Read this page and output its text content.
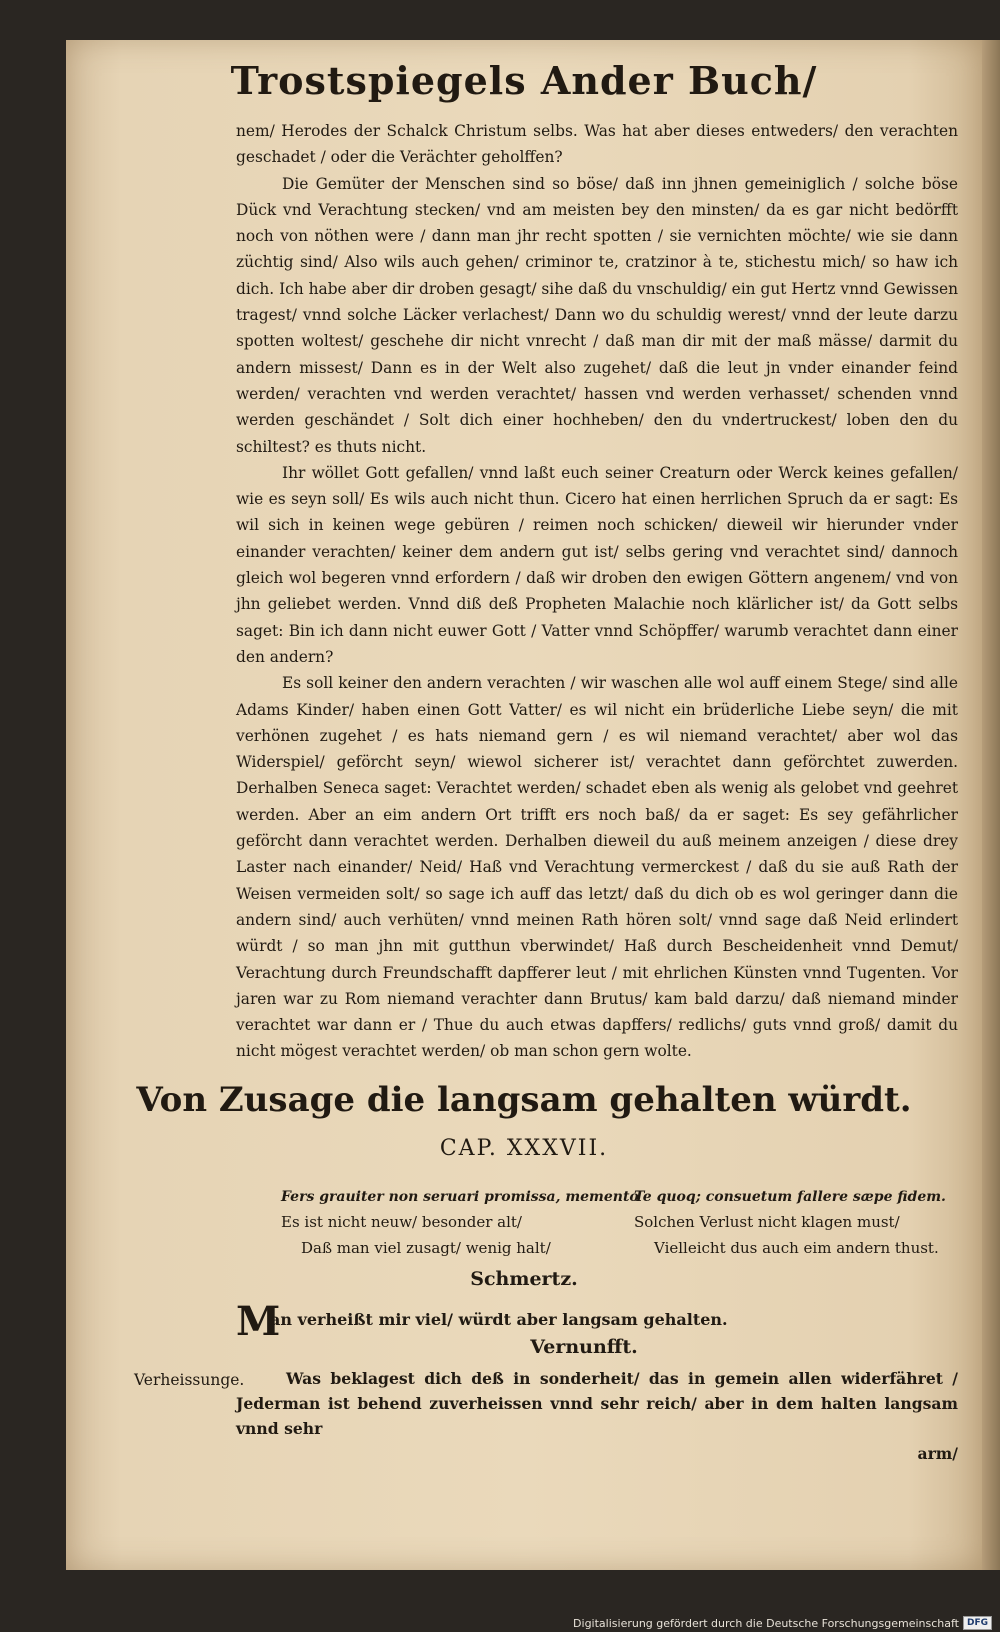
Trostspiegels Ander Buch/

nem/ Herodes der Schalck Christum selbs. Was hat aber dieses entweders/ den verachten geschadet / oder die Verächter geholffen?

Die Gemüter der Menschen sind so böse/ daß inn jhnen gemeiniglich / solche böse Dück vnd Verachtung stecken/ vnd am meisten bey den minsten/ da es gar nicht bedörfft noch von nöthen were / dann man jhr recht spotten / sie vernichten möchte/ wie sie dann züchtig sind/ Also wils auch gehen/ criminor te, cratzinor à te, stichestu mich/ so haw ich dich. Ich habe aber dir droben gesagt/ sihe daß du vnschuldig/ ein gut Hertz vnnd Gewissen tragest/ vnnd solche Läcker verlachest/ Dann wo du schuldig werest/ vnnd der leute darzu spotten woltest/ geschehe dir nicht vnrecht / daß man dir mit der maß mässe/ darmit du andern missest/ Dann es in der Welt also zugehet/ daß die leut jn vnder einander feind werden/ verachten vnd werden verachtet/ hassen vnd werden verhasset/ schenden vnnd werden geschändet / Solt dich einer hochheben/ den du vndertruckest/ loben den du schiltest? es thuts nicht.

Ihr wöllet Gott gefallen/ vnnd laßt euch seiner Creaturn oder Werck keines gefallen/ wie es seyn soll/ Es wils auch nicht thun. Cicero hat einen herrlichen Spruch da er sagt: Es wil sich in keinen wege gebüren / reimen noch schicken/ dieweil wir hierunder vnder einander verachten/ keiner dem andern gut ist/ selbs gering vnd verachtet sind/ dannoch gleich wol begeren vnnd erfordern / daß wir droben den ewigen Göttern angenem/ vnd von jhn geliebet werden. Vnnd diß deß Propheten Malachie noch klärlicher ist/ da Gott selbs saget: Bin ich dann nicht euwer Gott / Vatter vnnd Schöpffer/ warumb verachtet dann einer den andern?

Es soll keiner den andern verachten / wir waschen alle wol auff einem Stege/ sind alle Adams Kinder/ haben einen Gott Vatter/ es wil nicht ein brüderliche Liebe seyn/ die mit verhönen zugehet / es hats niemand gern / es wil niemand verachtet/ aber wol das Widerspiel/ geförcht seyn/ wiewol sicherer ist/ verachtet dann geförchtet zuwerden. Derhalben Seneca saget: Verachtet werden/ schadet eben als wenig als gelobet vnd geehret werden. Aber an eim andern Ort trifft ers noch baß/ da er saget: Es sey gefährlicher geförcht dann verachtet werden. Derhalben dieweil du auß meinem anzeigen / diese drey Laster nach einander/ Neid/ Haß vnd Verachtung vermerckest / daß du sie auß Rath der Weisen vermeiden solt/ so sage ich auff das letzt/ daß du dich ob es wol geringer dann die andern sind/ auch verhüten/ vnnd meinen Rath hören solt/ vnnd sage daß Neid erlindert würdt / so man jhn mit gutthun vberwindet/ Haß durch Bescheidenheit vnnd Demut/ Verachtung durch Freundschafft dapfferer leut / mit ehrlichen Künsten vnnd Tugenten. Vor jaren war zu Rom niemand verachter dann Brutus/ kam bald darzu/ daß niemand minder verachtet war dann er / Thue du auch etwas dapffers/ redlichs/ guts vnnd groß/ damit du nicht mögest verachtet werden/ ob man schon gern wolte.

Von Zusage die langsam gehalten würdt.
CAP. XXXVII.
Fers grauiter non seruari promissa, memento
Te quoq; consuetum fallere sæpe fidem.
Es ist nicht neuw/ besonder alt/
Daß man viel zusagt/ wenig halt/
Solchen Verlust nicht klagen must/
Vielleicht dus auch eim andern thust.
Schmertz.
M
an verheißt mir viel/ würdt aber langsam gehalten.
Vernunfft.
Verheissunge.	Was beklagest dich deß in sonderheit/ das in gemein allen widerfähret / Jederman ist behend zuverheissen vnnd sehr reich/ aber in dem halten langsam vnnd sehr
arm/
Digitalisierung gefördert durch die Deutsche Forschungsgemeinschaft DFG
